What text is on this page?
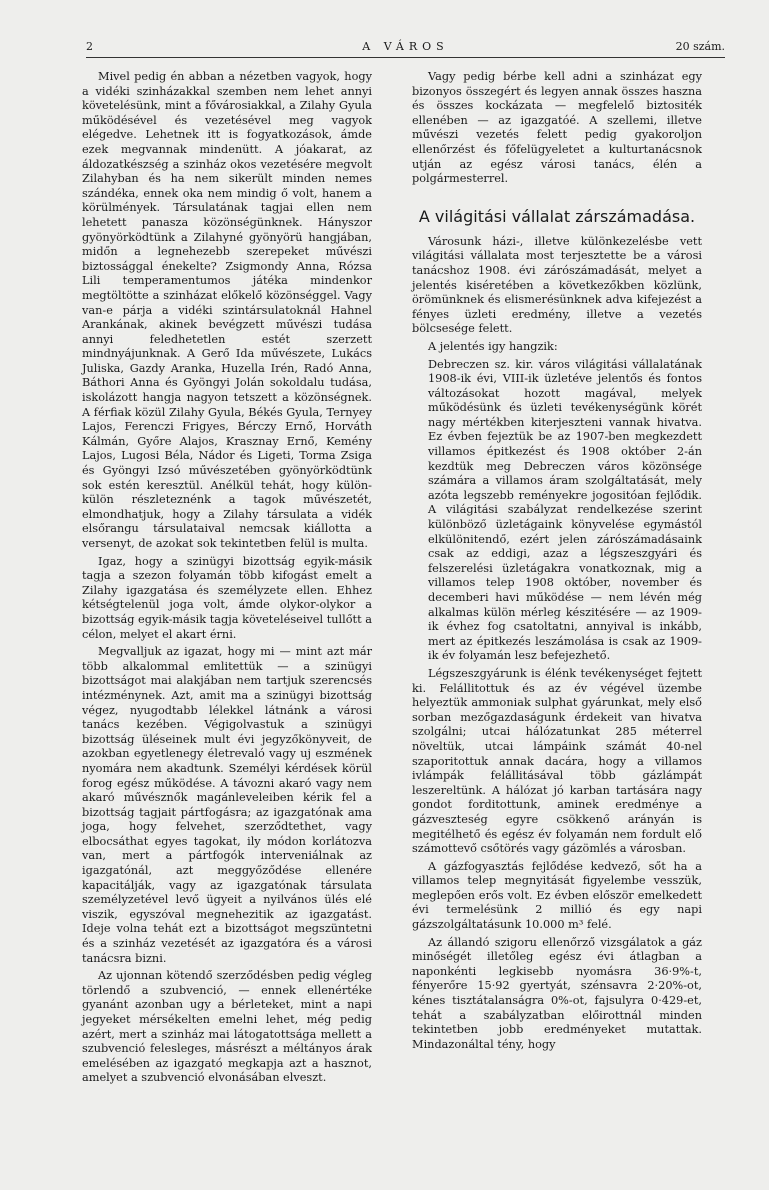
2	A VÁROS	20 szám.

Mivel pedig én abban a nézetben vagyok, hogy a vidéki szinházakkal szemben nem lehet annyi követelésünk, mint a fővárosiakkal, a Zilahy Gyula működésével és vezetésével meg vagyok elégedve. Lehetnek itt is fogyatkozások, ámde ezek megvannak mindenütt. A jóakarat, az áldozatkészség a szinház okos vezetésére megvolt Zilahyban és ha nem sikerült minden nemes szándéka, ennek oka nem mindig ő volt, hanem a körülmények. Társulatának tagjai ellen nem lehetett panasza közönségünknek. Hányszor gyönyörködtünk a Zilahyné gyönyörü hangjában, midőn a legnehezebb szerepeket művészi biztossággal énekelte? Zsigmondy Anna, Rózsa Lili temperamentumos játéka mindenkor megtöltötte a szinházat előkelő közönséggel. Vagy van-e párja a vidéki szintársulatoknál Hahnel Arankának, akinek bevégzett művészi tudása annyi feledhetetlen estét szerzett mindnyájunknak. A Gerő Ida művészete, Lukács Juliska, Gazdy Aranka, Huzella Irén, Radó Anna, Báthori Anna és Gyöngyi Jolán sokoldalu tudása, iskolázott hangja nagyon tetszett a közönségnek. A férfiak közül Zilahy Gyula, Békés Gyula, Ternyey Lajos, Ferenczi Frigyes, Bérczy Ernő, Horváth Kálmán, Győre Alajos, Krasznay Ernő, Kemény Lajos, Lugosi Béla, Nádor és Ligeti, Torma Zsiga és Gyöngyi Izsó művészetében gyönyörködtünk sok estén keresztül. Anélkül tehát, hogy külön-külön részleteznénk a tagok művészetét, elmondhatjuk, hogy a Zilahy társulata a vidék elsőrangu társulataival nemcsak kiállotta a versenyt, de azokat sok tekintetben felül is multa.

Igaz, hogy a szinügyi bizottság egyik-másik tagja a szezon folyamán több kifogást emelt a Zilahy igazgatása és személyzete ellen. Ehhez kétségtelenül joga volt, ámde olykor-olykor a bizottság egyik-másik tagja követeléseivel tullőtt a célon, melyet el akart érni.

Megvalljuk az igazat, hogy mi — mint azt már több alkalommal emlitettük — a szinügyi bizottságot mai alakjában nem tartjuk szerencsés intézménynek. Azt, amit ma a szinügyi bizottság végez, nyugodtabb lélekkel látnánk a városi tanács kezében. Végigolvastuk a szinügyi bizottság üléseinek mult évi jegyzőkönyveit, de azokban egyetlenegy életrevaló vagy uj eszmének nyomára nem akadtunk. Személyi kérdések körül forog egész működése. A távozni akaró vagy nem akaró művésznők magánleveleiben kérik fel a bizottság tagjait pártfogásra; az igazgatónak ama joga, hogy felvehet, szerződtethet, vagy elbocsáthat egyes tagokat, ily módon korlátozva van, mert a pártfogók interveniálnak az igazgatónál, azt meggyőződése ellenére kapacitálják, vagy az igazgatónak társulata személyzetével levő ügyeit a nyilvános ülés elé viszik, egyszóval megnehezitik az igazgatást. Ideje volna tehát ezt a bizottságot megszüntetni és a szinház vezetését az igazgatóra és a városi tanácsra bizni.

Az ujonnan kötendő szerződésben pedig végleg törlendő a szubvenció, — ennek ellenértéke gyanánt azonban ugy a bérleteket, mint a napi jegyeket mérsékelten emelni lehet, még pedig azért, mert a szinház mai látogatottsága mellett a szubvenció felesleges, másrészt a méltányos árak emelésében az igazgató megkapja azt a hasznot, amelyet a szubvenció elvonásában elveszt.

Vagy pedig bérbe kell adni a szinházat egy bizonyos összegért és legyen annak összes haszna és összes kockázata — megfelelő biztositék ellenében — az igazgatóé. A szellemi, illetve művészi vezetés felett pedig gyakoroljon ellenőrzést és főfelügyeletet a kulturtanácsnok utján az egész városi tanács, élén a polgármesterrel.

A világitási vállalat zárszámadása.

Városunk házi-, illetve különkezelésbe vett világitási vállalata most terjesztette be a városi tanácshoz 1908. évi zárószámadását, melyet a jelentés kiséretében a következőkben közlünk, örömünknek és elismerésünknek adva kifejezést a fényes üzleti eredmény, illetve a vezetés bölcsesége felett.

A jelentés igy hangzik:

Debreczen sz. kir. város világitási vállalatának 1908-ik évi, VIII-ik üzletéve jelentős és fontos változásokat hozott magával, melyek működésünk és üzleti tevékenységünk körét nagy mértékben kiterjeszteni vannak hivatva. Ez évben fejeztük be az 1907-ben megkezdett villamos épitkezést és 1908 október 2-án kezdtük meg Debreczen város közönsége számára a villamos áram szolgáltatását, mely azóta legszebb reményekre jogositóan fejlődik. A világitási szabályzat rendelkezése szerint különböző üzletágaink könyvelése egymástól elkülönitendő, ezért jelen zárószámadásaink csak az eddigi, azaz a légszeszgyári és felszerelési üzletágakra vonatkoznak, mig a villamos telep 1908 október, november és decemberi havi működése — nem lévén még alkalmas külön mérleg készitésére — az 1909-ik évhez fog csatoltatni, annyival is inkább, mert az épitkezés leszámolása is csak az 1909-ik év folyamán lesz befejezhető.

Légszeszgyárunk is élénk tevékenységet fejtett ki. Felállitottuk és az év végével üzembe helyeztük ammoniak sulphat gyárunkat, mely első sorban mezőgazdaságunk érdekeit van hivatva szolgálni; utcai hálózatunkat 285 méterrel növeltük, utcai lámpáink számát 40-nel szaporitottuk annak dacára, hogy a villamos ivlámpák felállitásával több gázlámpát leszereltünk. A hálózat jó karban tartására nagy gondot forditottunk, aminek eredménye a gázveszteség egyre csökkenő arányán is megitélhető és egész év folyamán nem fordult elő számottevő csőtörés vagy gázömlés a városban.

A gázfogyasztás fejlődése kedvező, sőt ha a villamos telep megnyitását figyelembe vesszük, meglepően erős volt. Ez évben először emelkedett évi termelésünk 2 millió és egy napi gázszolgáltatásunk 10.000 m³ felé.

Az állandó szigoru ellenőrző vizsgálatok a gáz minőségét illetőleg egész évi átlagban a naponkénti legkisebb nyomásra 36·9%-t, fényerőre 15·92 gyertyát, szénsavra 2·20%-ot, kénes tisztátalanságra 0%-ot, fajsulyra 0·429-et, tehát a szabályzatban előirottnál minden tekintetben jobb eredményeket mutattak. Mindazonáltal tény, hogy
